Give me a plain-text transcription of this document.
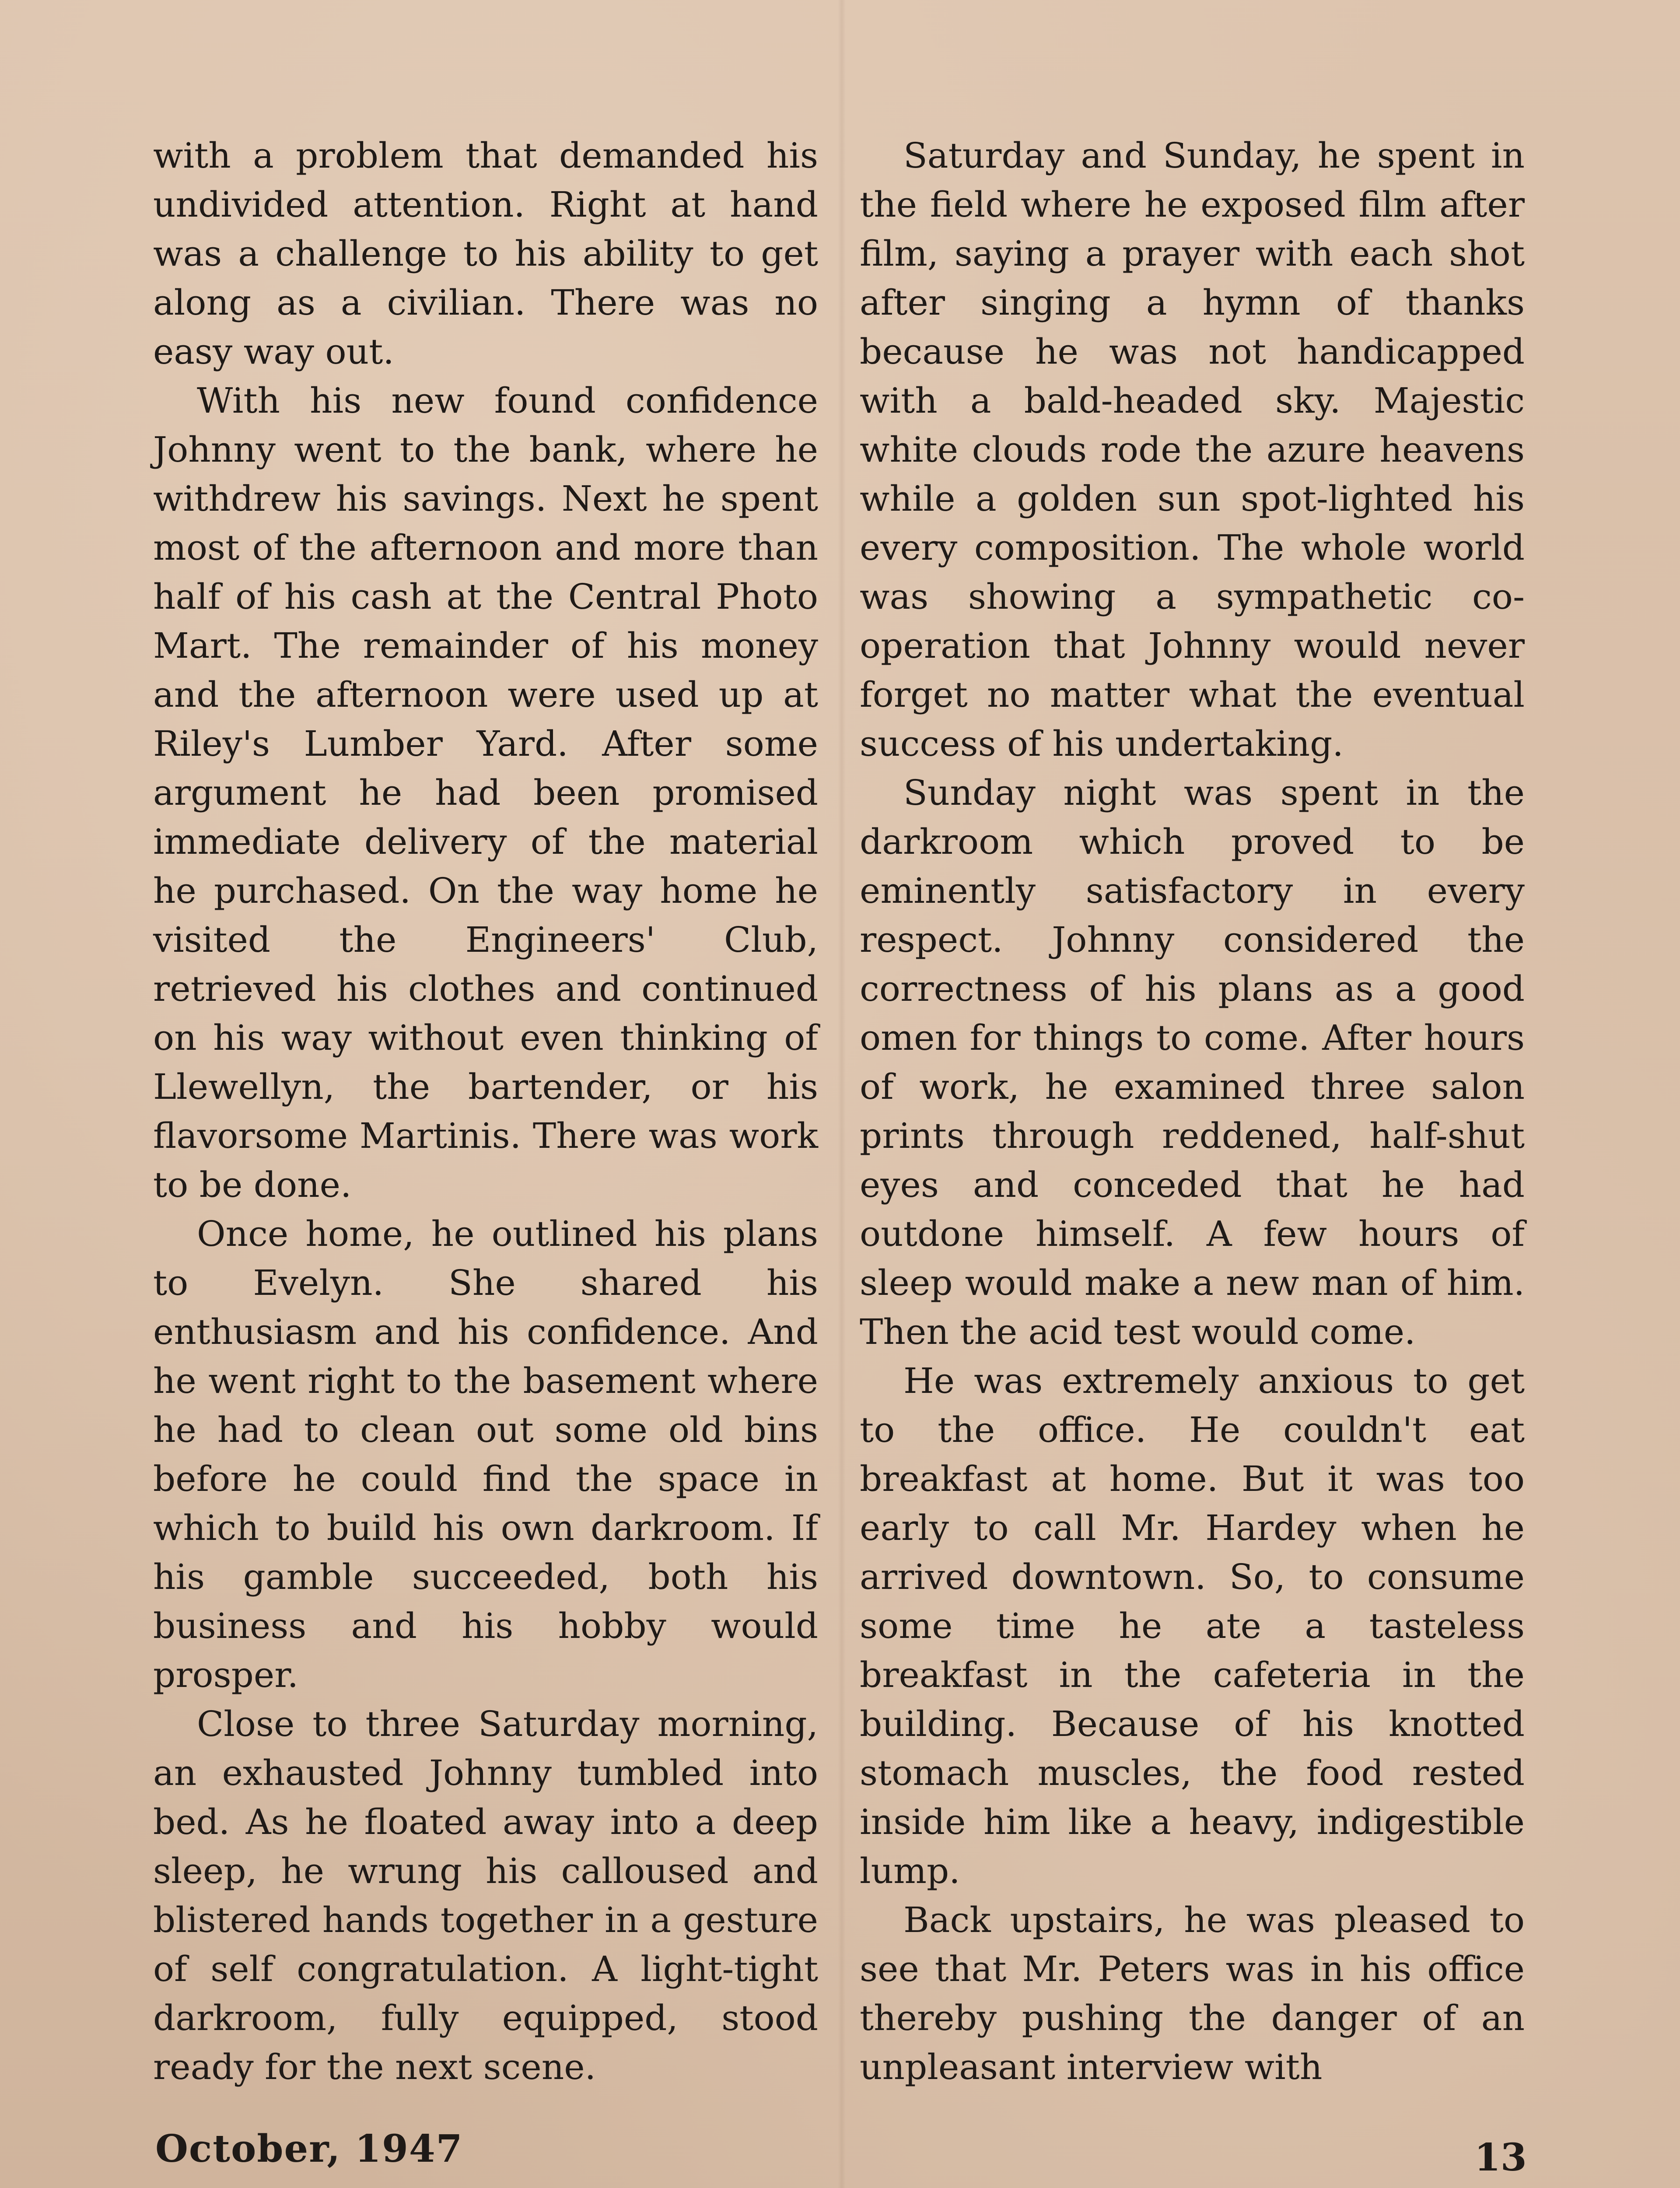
with a problem that demanded his undivided attention. Right at hand was a challenge to his ability to get along as a civilian. There was no easy way out.

With his new found confidence Johnny went to the bank, where he withdrew his savings. Next he spent most of the afternoon and more than half of his cash at the Central Photo Mart. The remainder of his money and the afternoon were used up at Riley's Lumber Yard. After some argument he had been promised immediate delivery of the material he purchased. On the way home he visited the Engineers' Club, retrieved his clothes and continued on his way without even thinking of Llewellyn, the bartender, or his flavorsome Martinis. There was work to be done.

Once home, he outlined his plans to Evelyn. She shared his enthusiasm and his confidence. And he went right to the basement where he had to clean out some old bins before he could find the space in which to build his own darkroom. If his gamble succeeded, both his business and his hobby would prosper.

Close to three Saturday morning, an exhausted Johnny tumbled into bed. As he floated away into a deep sleep, he wrung his calloused and blistered hands together in a gesture of self congratulation. A light-tight darkroom, fully equipped, stood ready for the next scene.

Saturday and Sunday, he spent in the field where he exposed film after film, saying a prayer with each shot after singing a hymn of thanks because he was not handicapped with a bald-headed sky. Majestic white clouds rode the azure heavens while a golden sun spot-lighted his every composition. The whole world was showing a sympathetic co-operation that Johnny would never forget no matter what the eventual success of his undertaking.

Sunday night was spent in the darkroom which proved to be eminently satisfactory in every respect. Johnny considered the correctness of his plans as a good omen for things to come. After hours of work, he examined three salon prints through reddened, half-shut eyes and conceded that he had outdone himself. A few hours of sleep would make a new man of him. Then the acid test would come.

He was extremely anxious to get to the office. He couldn't eat breakfast at home. But it was too early to call Mr. Hardey when he arrived downtown. So, to consume some time he ate a tasteless breakfast in the cafeteria in the building. Because of his knotted stomach muscles, the food rested inside him like a heavy, indigestible lump.

Back upstairs, he was pleased to see that Mr. Peters was in his office thereby pushing the danger of an unpleasant interview with

October, 1947	13
